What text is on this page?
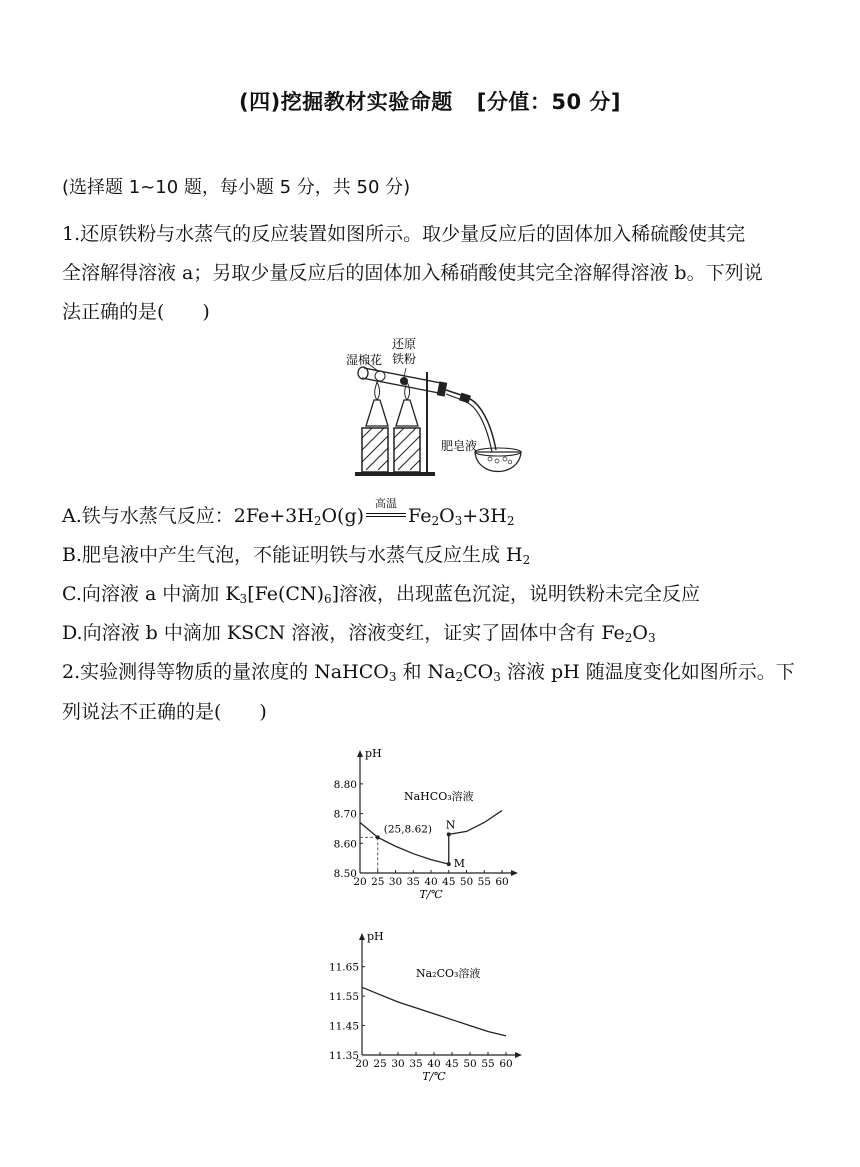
(四)挖掘教材实验命题 [分值：50 分]
(选择题 1~10 题，每小题 5 分，共 50 分)
1.还原铁粉与水蒸气的反应装置如图所示。取少量反应后的固体加入稀硫酸使其完
全溶解得溶液 a；另取少量反应后的固体加入稀硝酸使其完全溶解得溶液 b。下列说
法正确的是(　　)
湿棉花
还原
铁粉
肥皂液
A.铁与水蒸气反应：$2Fe+3H_2O(g)$
高温
$Fe_2O_3+3H_2$
B.肥皂液中产生气泡，不能证明铁与水蒸气反应生成 $H_2$
C.向溶液 a 中滴加 $K_3[Fe(CN)_6]$溶液，出现蓝色沉淀，说明铁粉未完全反应
D.向溶液 b 中滴加 KSCN 溶液，溶液变红，证实了固体中含有 $Fe_2O_3$
2.实验测得等物质的量浓度的 NaHCO$_3$ 和 $Na_2CO_3$ 溶液 pH 随温度变化如图所示。下
列说法不正确的是(　　)
pH
20 25 30 35 40 45 50 55 60
T/℃
8.50
8.60
8.70
8.80
(25,8.62) N
M
NaHCO₃溶液
pH
20 25 30 35 40 45 50 55 60
T/℃
11.35
11.45
11.55
11.65	Na₂CO₃溶液
